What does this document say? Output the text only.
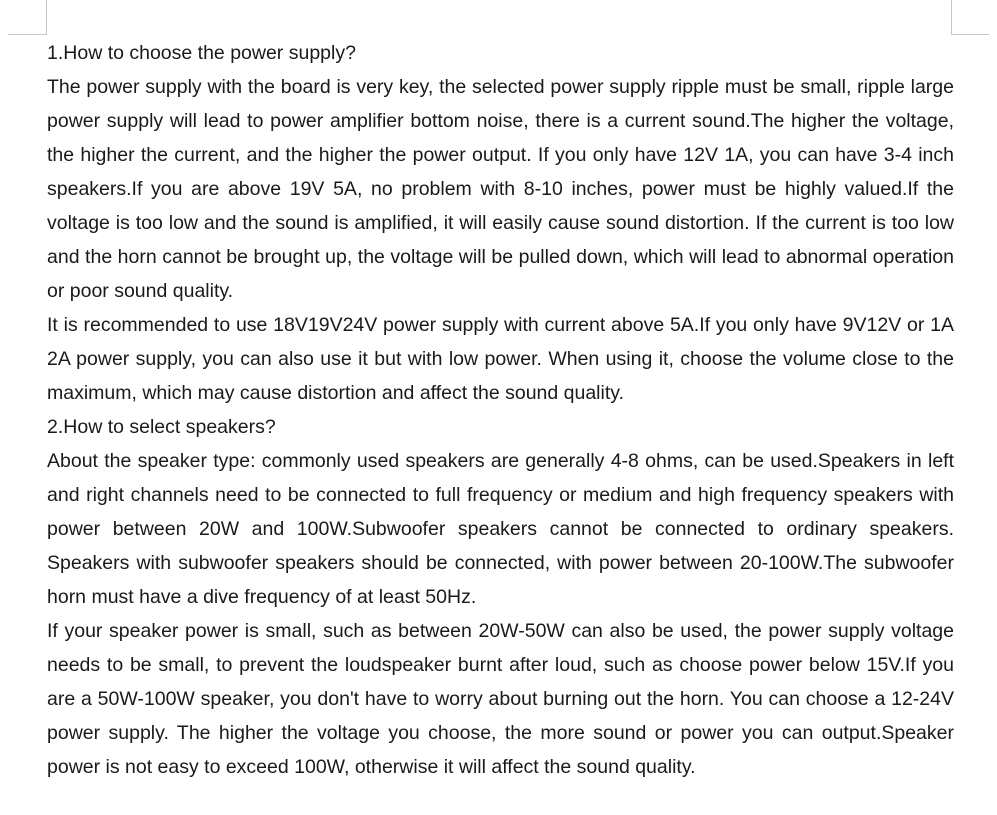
1.How to choose the power supply?

The power supply with the board is very key, the selected power supply ripple must be small, ripple large power supply will lead to power amplifier bottom noise, there is a current sound.The higher the voltage, the higher the current, and the higher the power output. If you only have 12V 1A, you can have 3-4 inch speakers.If you are above 19V 5A, no problem with 8-10 inches, power must be highly valued.If the voltage is too low and the sound is amplified, it will easily cause sound distortion. If the current is too low and the horn cannot be brought up, the voltage will be pulled down, which will lead to abnormal operation or poor sound quality.

It is recommended to use 18V19V24V power supply with current above 5A.If you only have 9V12V or 1A 2A power supply, you can also use it but with low power. When using it, choose the volume close to the maximum, which may cause distortion and affect the sound quality.

2.How to select speakers?

About the speaker type: commonly used speakers are generally 4-8 ohms, can be used.Speakers in left and right channels need to be connected to full frequency or medium and high frequency speakers with power between 20W and 100W.Subwoofer speakers cannot be connected to ordinary speakers. Speakers with subwoofer speakers should be connected, with power between 20-100W.The subwoofer horn must have a dive frequency of at least 50Hz.

If your speaker power is small, such as between 20W-50W can also be used, the power supply voltage needs to be small, to prevent the loudspeaker burnt after loud, such as choose power below 15V.If you are a 50W-100W speaker, you don't have to worry about burning out the horn. You can choose a 12-24V power supply. The higher the voltage you choose, the more sound or power you can output.Speaker power is not easy to exceed 100W, otherwise it will affect the sound quality.
